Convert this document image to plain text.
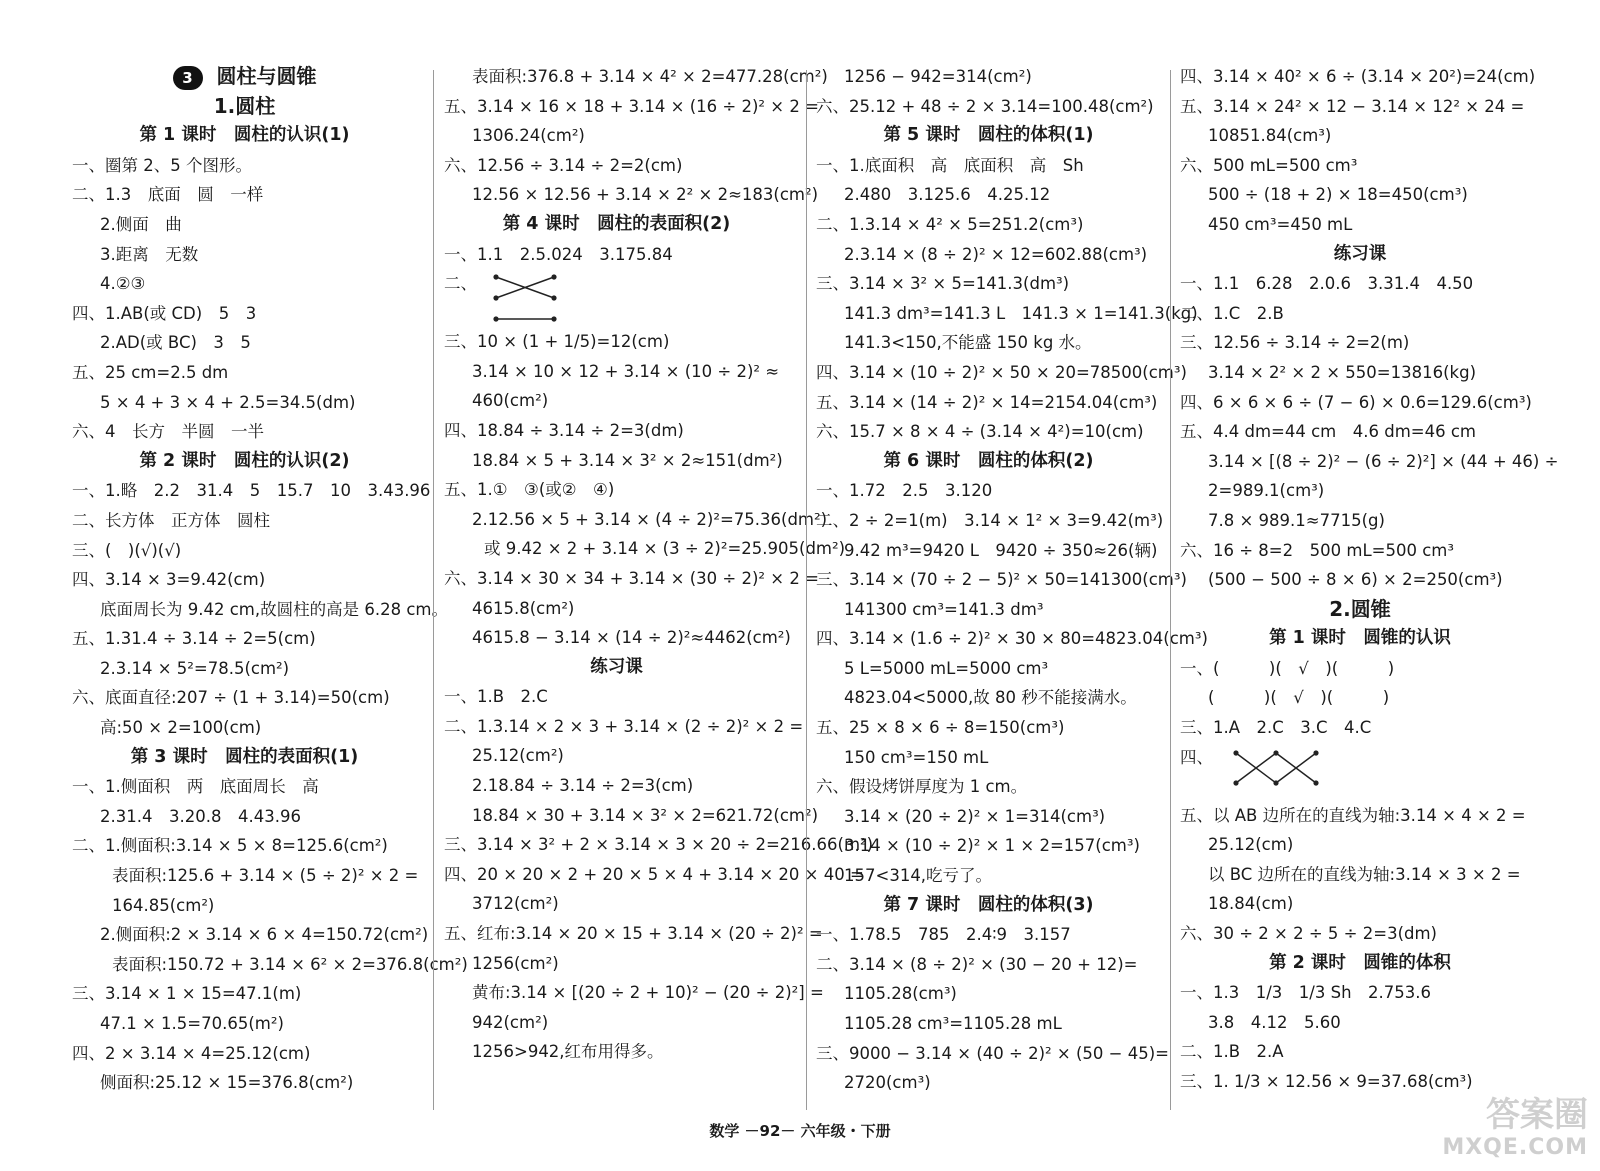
3 圆柱与圆锥
1.圆柱
第 1 课时　圆柱的认识(1)
一、圈第 2、5 个图形。
二、1.3　底面　圆　一样
2.侧面　曲
3.距离　无数
4.②③
四、1.AB(或 CD)　5　3
2.AD(或 BC)　3　5
五、25 cm=2.5 dm
5 × 4 + 3 × 4 + 2.5=34.5(dm)
六、4　长方　半圆　一半
第 2 课时　圆柱的认识(2)
一、1.略　2.2　31.4　5　15.7　10　3.43.96
二、长方体　正方体　圆柱
三、(　)(√)(√)
四、3.14 × 3=9.42(cm)
底面周长为 9.42 cm,故圆柱的高是 6.28 cm。
五、1.31.4 ÷ 3.14 ÷ 2=5(cm)
2.3.14 × 5²=78.5(cm²)
六、底面直径:207 ÷ (1 + 3.14)=50(cm)
高:50 × 2=100(cm)
第 3 课时　圆柱的表面积(1)
一、1.侧面积　两　底面周长　高
2.31.4　3.20.8　4.43.96
二、1.侧面积:3.14 × 5 × 8=125.6(cm²)
表面积:125.6 + 3.14 × (5 ÷ 2)² × 2 =
164.85(cm²)
2.侧面积:2 × 3.14 × 6 × 4=150.72(cm²)
表面积:150.72 + 3.14 × 6² × 2=376.8(cm²)
三、3.14 × 1 × 15=47.1(m)
47.1 × 1.5=70.65(m²)
四、2 × 3.14 × 4=25.12(cm)
侧面积:25.12 × 15=376.8(cm²)
表面积:376.8 + 3.14 × 4² × 2=477.28(cm²)
五、3.14 × 16 × 18 + 3.14 × (16 ÷ 2)² × 2 =
1306.24(cm²)
六、12.56 ÷ 3.14 ÷ 2=2(cm)
12.56 × 12.56 + 3.14 × 2² × 2≈183(cm²)
第 4 课时　圆柱的表面积(2)
一、1.1　2.5.024　3.175.84
二、
三、10 × (1 + 1/5)=12(cm)
3.14 × 10 × 12 + 3.14 × (10 ÷ 2)² ≈
460(cm²)
四、18.84 ÷ 3.14 ÷ 2=3(dm)
18.84 × 5 + 3.14 × 3² × 2≈151(dm²)
五、1.①　③(或②　④)
2.12.56 × 5 + 3.14 × (4 ÷ 2)²=75.36(dm²)
或 9.42 × 2 + 3.14 × (3 ÷ 2)²=25.905(dm²)
六、3.14 × 30 × 34 + 3.14 × (30 ÷ 2)² × 2 =
4615.8(cm²)
4615.8 − 3.14 × (14 ÷ 2)²≈4462(cm²)
练习课
一、1.B　2.C
二、1.3.14 × 2 × 3 + 3.14 × (2 ÷ 2)² × 2 =
25.12(cm²)
2.18.84 ÷ 3.14 ÷ 2=3(cm)
18.84 × 30 + 3.14 × 3² × 2=621.72(cm²)
三、3.14 × 3² + 2 × 3.14 × 3 × 20 ÷ 2=216.66(m²)
四、20 × 20 × 2 + 20 × 5 × 4 + 3.14 × 20 × 40 =
3712(cm²)
五、红布:3.14 × 20 × 15 + 3.14 × (20 ÷ 2)² =
1256(cm²)
黄布:3.14 × [(20 ÷ 2 + 10)² − (20 ÷ 2)²] =
942(cm²)
1256>942,红布用得多。
1256 − 942=314(cm²)
六、25.12 + 48 ÷ 2 × 3.14=100.48(cm²)
第 5 课时　圆柱的体积(1)
一、1.底面积　高　底面积　高　Sh
2.480　3.125.6　4.25.12
二、1.3.14 × 4² × 5=251.2(cm³)
2.3.14 × (8 ÷ 2)² × 12=602.88(cm³)
三、3.14 × 3² × 5=141.3(dm³)
141.3 dm³=141.3 L　141.3 × 1=141.3(kg)
141.3<150,不能盛 150 kg 水。
四、3.14 × (10 ÷ 2)² × 50 × 20=78500(cm³)
五、3.14 × (14 ÷ 2)² × 14=2154.04(cm³)
六、15.7 × 8 × 4 ÷ (3.14 × 4²)=10(cm)
第 6 课时　圆柱的体积(2)
一、1.72　2.5　3.120
二、2 ÷ 2=1(m)　3.14 × 1² × 3=9.42(m³)
9.42 m³=9420 L　9420 ÷ 350≈26(辆)
三、3.14 × (70 ÷ 2 − 5)² × 50=141300(cm³)
141300 cm³=141.3 dm³
四、3.14 × (1.6 ÷ 2)² × 30 × 80=4823.04(cm³)
5 L=5000 mL=5000 cm³
4823.04<5000,故 80 秒不能接满水。
五、25 × 8 × 6 ÷ 8=150(cm³)
150 cm³=150 mL
六、假设烤饼厚度为 1 cm。
3.14 × (20 ÷ 2)² × 1=314(cm³)
3.14 × (10 ÷ 2)² × 1 × 2=157(cm³)
157<314,吃亏了。
第 7 课时　圆柱的体积(3)
一、1.78.5　785　2.4∶9　3.157
二、3.14 × (8 ÷ 2)² × (30 − 20 + 12)=
1105.28(cm³)
1105.28 cm³=1105.28 mL
三、9000 − 3.14 × (40 ÷ 2)² × (50 − 45)=
2720(cm³)
四、3.14 × 40² × 6 ÷ (3.14 × 20²)=24(cm)
五、3.14 × 24² × 12 − 3.14 × 12² × 24 =
10851.84(cm³)
六、500 mL=500 cm³
500 ÷ (18 + 2) × 18=450(cm³)
450 cm³=450 mL
练习课
一、1.1　6.28　2.0.6　3.31.4　4.50
二、1.C　2.B
三、12.56 ÷ 3.14 ÷ 2=2(m)
3.14 × 2² × 2 × 550=13816(kg)
四、6 × 6 × 6 ÷ (7 − 6) × 0.6=129.6(cm³)
五、4.4 dm=44 cm　4.6 dm=46 cm
3.14 × [(8 ÷ 2)² − (6 ÷ 2)²] × (44 + 46) ÷
2=989.1(cm³)
7.8 × 989.1≈7715(g)
六、16 ÷ 8=2　500 mL=500 cm³
(500 − 500 ÷ 8 × 6) × 2=250(cm³)
2.圆锥
第 1 课时　圆锥的认识
一、(　　　)(　√　)(　　　)
(　　　)(　√　)(　　　)
三、1.A　2.C　3.C　4.C
四、
五、以 AB 边所在的直线为轴:3.14 × 4 × 2 =
25.12(cm)
以 BC 边所在的直线为轴:3.14 × 3 × 2 =
18.84(cm)
六、30 ÷ 2 × 2 ÷ 5 ÷ 2=3(dm)
第 2 课时　圆锥的体积
一、1.3　1/3　1/3 Sh　2.753.6
3.8　4.12　5.60
二、1.B　2.A
三、1. 1/3 × 12.56 × 9=37.68(cm³)
数学 －92－ 六年级・下册	答案圈
MXQE.COM
